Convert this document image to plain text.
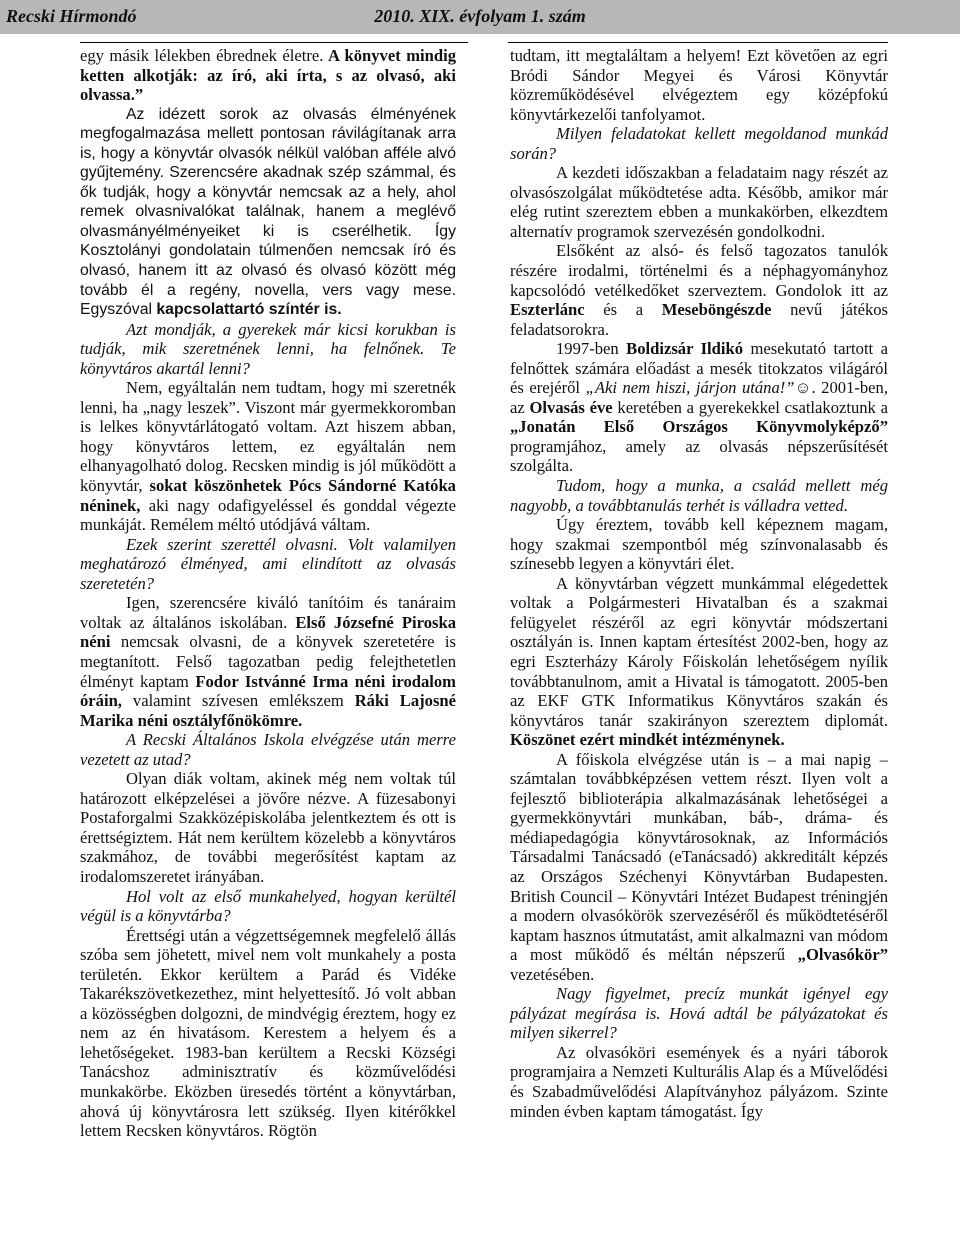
Recski Hírmondó	2010. XIX. évfolyam 1. szám

egy másik lélekben ébrednek életre. A könyvet mindig ketten alkotják: az író, aki írta, s az olvasó, aki olvassa.”

Az idézett sorok az olvasás élményének megfogalmazása mellett pontosan rávilágítanak arra is, hogy a könyvtár olvasók nélkül valóban afféle alvó gyűjtemény. Szerencsére akadnak szép számmal, és ők tudják, hogy a könyvtár nemcsak az a hely, ahol remek olvasnivalókat találnak, hanem a meglévő olvasmányélményeiket ki is cserélhetik. Így Kosztolányi gondolatain túlmenően nemcsak író és olvasó, hanem itt az olvasó és olvasó között még tovább él a regény, novella, vers vagy mese. Egyszóval kapcsolattartó színtér is.

Azt mondják, a gyerekek már kicsi korukban is tudják, mik szeretnének lenni, ha felnőnek. Te könyvtáros akartál lenni?

Nem, egyáltalán nem tudtam, hogy mi szeretnék lenni, ha „nagy leszek”. Viszont már gyermekkoromban is lelkes könyvtárlátogató voltam. Azt hiszem abban, hogy könyvtáros lettem, ez egyáltalán nem elhanyagolható dolog. Recsken mindig is jól működött a könyvtár, sokat köszönhetek Pócs Sándorné Katóka néninek, aki nagy odafigyeléssel és gonddal végezte munkáját. Remélem méltó utódjává váltam.

Ezek szerint szerettél olvasni. Volt valamilyen meghatározó élményed, ami elindított az olvasás szeretetén?

Igen, szerencsére kiváló tanítóim és tanáraim voltak az általános iskolában. Első Józsefné Piroska néni nemcsak olvasni, de a könyvek szeretetére is megtanított. Felső tagozatban pedig felejthetetlen élményt kaptam Fodor Istvánné Irma néni irodalom óráin, valamint szívesen emlékszem Ráki Lajosné Marika néni osztályfőnökömre.

A Recski Általános Iskola elvégzése után merre vezetett az utad?

Olyan diák voltam, akinek még nem voltak túl határozott elképzelései a jövőre nézve. A füzesabonyi Postaforgalmi Szakközépiskolába jelentkeztem és ott is érettségiztem. Hát nem kerültem közelebb a könyvtáros szakmához, de további megerősítést kaptam az irodalomszeretet irányában.

Hol volt az első munkahelyed, hogyan kerültél végül is a könyvtárba?

Érettségi után a végzettségemnek megfelelő állás szóba sem jöhetett, mivel nem volt munkahely a posta területén. Ekkor kerültem a Parád és Vidéke Takarékszövetkezethez, mint helyettesítő. Jó volt abban a közösségben dolgozni, de mindvégig éreztem, hogy ez nem az én hivatásom. Kerestem a helyem és a lehetőségeket. 1983-ban kerültem a Recski Községi Tanácshoz adminisztratív és közművelődési munkakörbe. Eközben üresedés történt a könyvtárban, ahová új könyvtárosra lett szükség. Ilyen kitérőkkel lettem Recsken könyvtáros. Rögtön

tudtam, itt megtaláltam a helyem! Ezt követően az egri Bródi Sándor Megyei és Városi Könyvtár közreműködésével elvégeztem egy középfokú könyvtárkezelői tanfolyamot.

Milyen feladatokat kellett megoldanod munkád során?

A kezdeti időszakban a feladataim nagy részét az olvasószolgálat működtetése adta. Később, amikor már elég rutint szereztem ebben a munkakörben, elkezdtem alternatív programok szervezésén gondolkodni.

Elsőként az alsó- és felső tagozatos tanulók részére irodalmi, történelmi és a néphagyományhoz kapcsolódó vetélkedőket szerveztem. Gondolok itt az Eszterlánc és a Meseböngészde nevű játékos feladatsorokra.

1997-ben Boldizsár Ildikó mesekutató tartott a felnőttek számára előadást a mesék titokzatos világáról és erejéről „Aki nem hiszi, járjon utána!”☺. 2001-ben, az Olvasás éve keretében a gyerekekkel csatlakoztunk a „Jonatán Első Országos Könyvmolyképző” programjához, amely az olvasás népszerűsítését szolgálta.

Tudom, hogy a munka, a család mellett még nagyobb, a továbbtanulás terhét is válladra vetted.

Úgy éreztem, tovább kell képeznem magam, hogy szakmai szempontból még színvonalasabb és színesebb legyen a könyvtári élet.

A könyvtárban végzett munkámmal elégedettek voltak a Polgármesteri Hivatalban és a szakmai felügyelet részéről az egri könyvtár módszertani osztályán is. Innen kaptam értesítést 2002-ben, hogy az egri Eszterházy Károly Főiskolán lehetőségem nyílik továbbtanulnom, amit a Hivatal is támogatott. 2005-ben az EKF GTK Informatikus Könyvtáros szakán és könyvtáros tanár szakirányon szereztem diplomát. Köszönet ezért mindkét intézménynek.

A főiskola elvégzése után is – a mai napig – számtalan továbbképzésen vettem részt. Ilyen volt a fejlesztő biblioterápia alkalmazásának lehetőségei a gyermekkönyvtári munkában, báb-, dráma- és médiapedagógia könyvtárosoknak, az Információs Társadalmi Tanácsadó (eTanácsadó) akkreditált képzés az Országos Széchenyi Könyvtárban Budapesten. British Council – Könyvtári Intézet Budapest tréningjén a modern olvasókörök szervezéséről és működtetéséről kaptam hasznos útmutatást, amit alkalmazni van módom a most működő és méltán népszerű „Olvasókör” vezetésében.

Nagy figyelmet, precíz munkát igényel egy pályázat megírása is. Hová adtál be pályázatokat és milyen sikerrel?

Az olvasóköri események és a nyári táborok programjaira a Nemzeti Kulturális Alap és a Művelődési és Szabadművelődési Alapítványhoz pályázom. Szinte minden évben kaptam támogatást. Így
